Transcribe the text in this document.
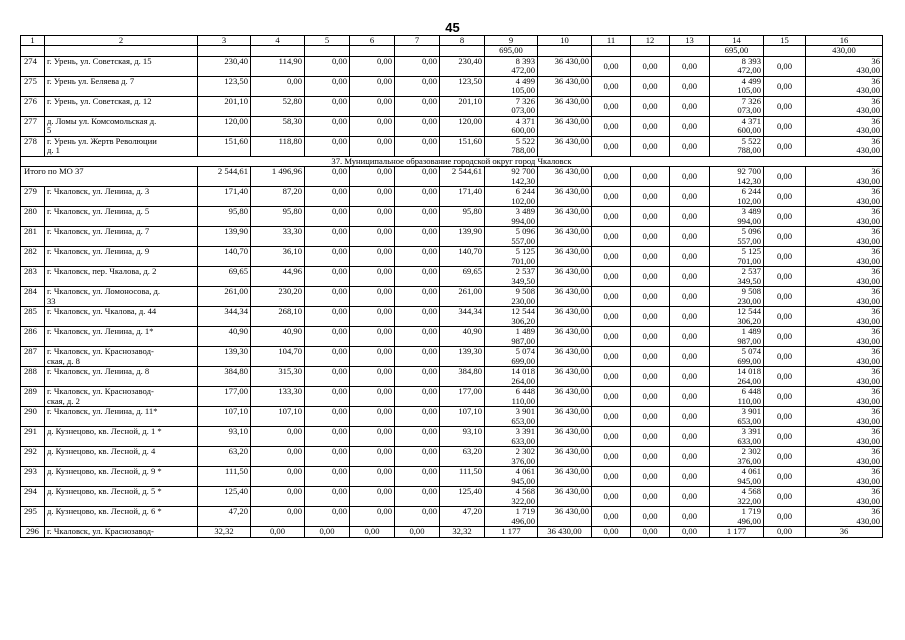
45
1	2	3	4	5	6	7	8	9	10	11	12	13	14	15	16
								695,00					695,00		430,00
274	г. Урень, ул. Советская, д. 15	230,40	114,90	0,00	0,00	0,00	230,40	8 393
472,00	36 430,00	0,00	0,00	0,00	8 393
472,00	0,00	36
430,00

275	г. Урень ул. Беляева д. 7	123,50	0,00	0,00	0,00	0,00	123,50	4 499
105,00	36 430,00	0,00	0,00	0,00	4 499
105,00	0,00	36
430,00

276	г. Урень, ул. Советская, д. 12	201,10	52,80	0,00	0,00	0,00	201,10	7 326
073,00	36 430,00	0,00	0,00	0,00	7 326
073,00	0,00	36
430,00

277	д. Ломы ул. Комсомольская д.
5	120,00	58,30	0,00	0,00	0,00	120,00	4 371
600,00	36 430,00	0,00	0,00	0,00	4 371
600,00	0,00	36
430,00

278	г. Урень ул. Жертв Революции
д. 1	151,60	118,80	0,00	0,00	0,00	151,60	5 522
788,00	36 430,00	0,00	0,00	0,00	5 522
788,00	0,00	36
430,00

37. Муниципальное образование городской округ город Чкаловск															
Итого по МО 37		2 544,61	1 496,96	0,00	0,00	0,00	2 544,61	92 700
142,30	36 430,00	0,00	0,00	0,00	92 700
142,30	0,00	36
430,00

279	г. Чкаловск, ул. Ленина, д. 3	171,40	87,20	0,00	0,00	0,00	171,40	6 244
102,00	36 430,00	0,00	0,00	0,00	6 244
102,00	0,00	36
430,00

280	г. Чкаловск, ул. Ленина, д. 5	95,80	95,80	0,00	0,00	0,00	95,80	3 489
994,00	36 430,00	0,00	0,00	0,00	3 489
994,00	0,00	36
430,00

281	г. Чкаловск, ул. Ленина, д. 7	139,90	33,30	0,00	0,00	0,00	139,90	5 096
557,00	36 430,00	0,00	0,00	0,00	5 096
557,00	0,00	36
430,00

282	г. Чкаловск, ул. Ленина, д. 9	140,70	36,10	0,00	0,00	0,00	140,70	5 125
701,00	36 430,00	0,00	0,00	0,00	5 125
701,00	0,00	36
430,00

283	г. Чкаловск, пер. Чкалова, д. 2	69,65	44,96	0,00	0,00	0,00	69,65	2 537
349,50	36 430,00	0,00	0,00	0,00	2 537
349,50	0,00	36
430,00

284	г. Чкаловск, ул. Ломоносова, д.
33	261,00	230,20	0,00	0,00	0,00	261,00	9 508
230,00	36 430,00	0,00	0,00	0,00	9 508
230,00	0,00	36
430,00

285	г. Чкаловск, ул. Чкалова, д. 44	344,34	268,10	0,00	0,00	0,00	344,34	12 544
306,20	36 430,00	0,00	0,00	0,00	12 544
306,20	0,00	36
430,00

286	г. Чкаловск, ул. Ленина, д. 1*	40,90	40,90	0,00	0,00	0,00	40,90	1 489
987,00	36 430,00	0,00	0,00	0,00	1 489
987,00	0,00	36
430,00

287	г. Чкаловск, ул. Краснозавод-
ская, д. 8	139,30	104,70	0,00	0,00	0,00	139,30	5 074
699,00	36 430,00	0,00	0,00	0,00	5 074
699,00	0,00	36
430,00

288	г. Чкаловск, ул. Ленина, д. 8	384,80	315,30	0,00	0,00	0,00	384,80	14 018
264,00	36 430,00	0,00	0,00	0,00	14 018
264,00	0,00	36
430,00

289	г. Чкаловск, ул. Краснозавод-
ская, д. 2	177,00	133,30	0,00	0,00	0,00	177,00	6 448
110,00	36 430,00	0,00	0,00	0,00	6 448
110,00	0,00	36
430,00

290	г. Чкаловск, ул. Ленина, д. 11*	107,10	107,10	0,00	0,00	0,00	107,10	3 901
653,00	36 430,00	0,00	0,00	0,00	3 901
653,00	0,00	36
430,00

291	д. Кузнецово, кв. Лесной, д. 1 *	93,10	0,00	0,00	0,00	0,00	93,10	3 391
633,00	36 430,00	0,00	0,00	0,00	3 391
633,00	0,00	36
430,00

292	д. Кузнецово, кв. Лесной, д. 4	63,20	0,00	0,00	0,00	0,00	63,20	2 302
376,00	36 430,00	0,00	0,00	0,00	2 302
376,00	0,00	36
430,00

293	д. Кузнецово, кв. Лесной, д. 9 *	111,50	0,00	0,00	0,00	0,00	111,50	4 061
945,00	36 430,00	0,00	0,00	0,00	4 061
945,00	0,00	36
430,00

294	д. Кузнецово, кв. Лесной, д. 5 *	125,40	0,00	0,00	0,00	0,00	125,40	4 568
322,00	36 430,00	0,00	0,00	0,00	4 568
322,00	0,00	36
430,00

295	д. Кузнецово, кв. Лесной, д. 6 *	47,20	0,00	0,00	0,00	0,00	47,20	1 719
496,00	36 430,00	0,00	0,00	0,00	1 719
496,00	0,00	36
430,00

296	г. Чкаловск, ул. Краснозавод-	32,32	0,00	0,00	0,00	0,00	32,32	1 177	36 430,00	0,00	0,00	0,00	1 177	0,00	36
